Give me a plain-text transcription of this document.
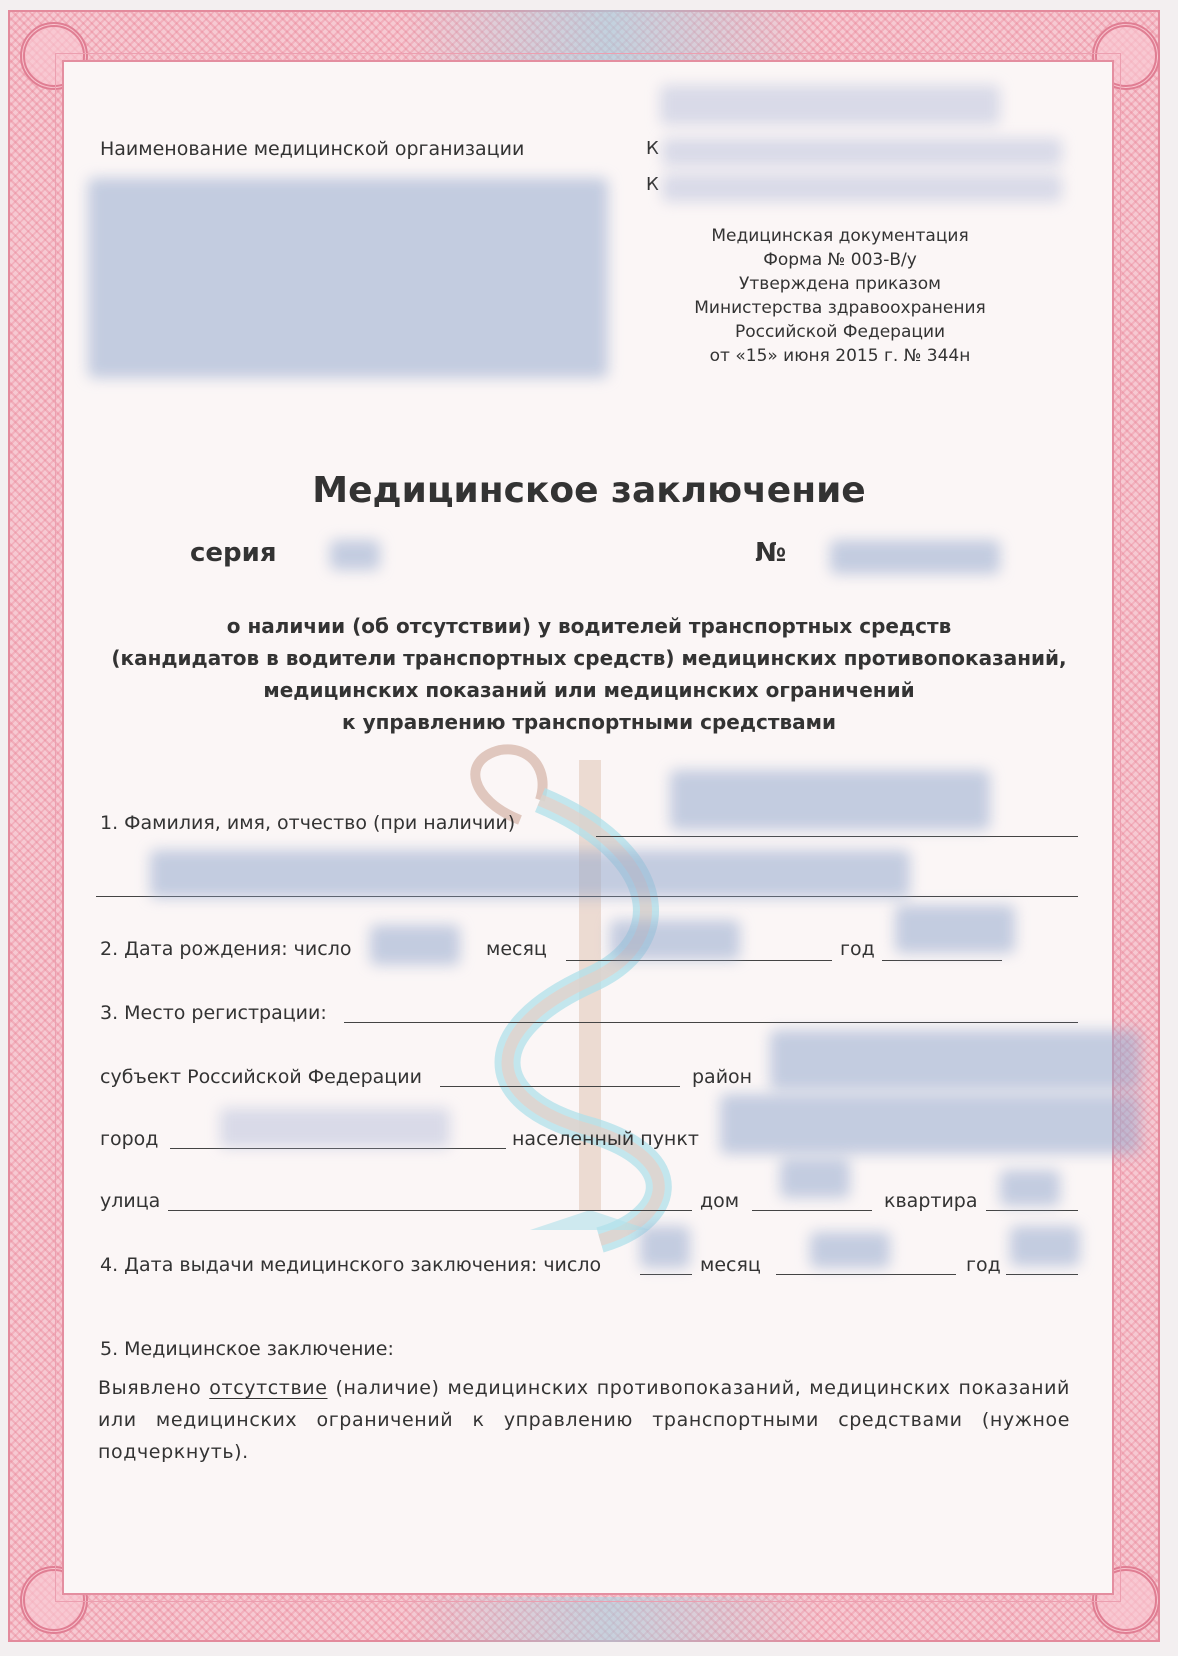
Наименование медицинской организации	К
К
Медицинская документация
Форма № 003-В/у
Утверждена приказом
Министерства здравоохранения
Российской Федерации
от «15» июня 2015 г. № 344н
Медицинское заключение
серия	№
о наличии (об отсутствии) у водителей транспортных средств
(кандидатов в водители транспортных средств) медицинских противопоказаний,
медицинских показаний или медицинских ограничений
к управлению транспортными средствами
1. Фамилия, имя, отчество (при наличии)
2. Дата рождения: число	месяц	год
3. Место регистрации:
субъект Российской Федерации	район
город	населенный пункт
улица	дом	квартира
4. Дата выдачи медицинского заключения: число	месяц	год
5. Медицинское заключение:
Выявлено отсутствие (наличие) медицинских противопоказаний, медицинских показаний или медицинских ограничений к управлению транспортными средствами (нужное подчеркнуть).
